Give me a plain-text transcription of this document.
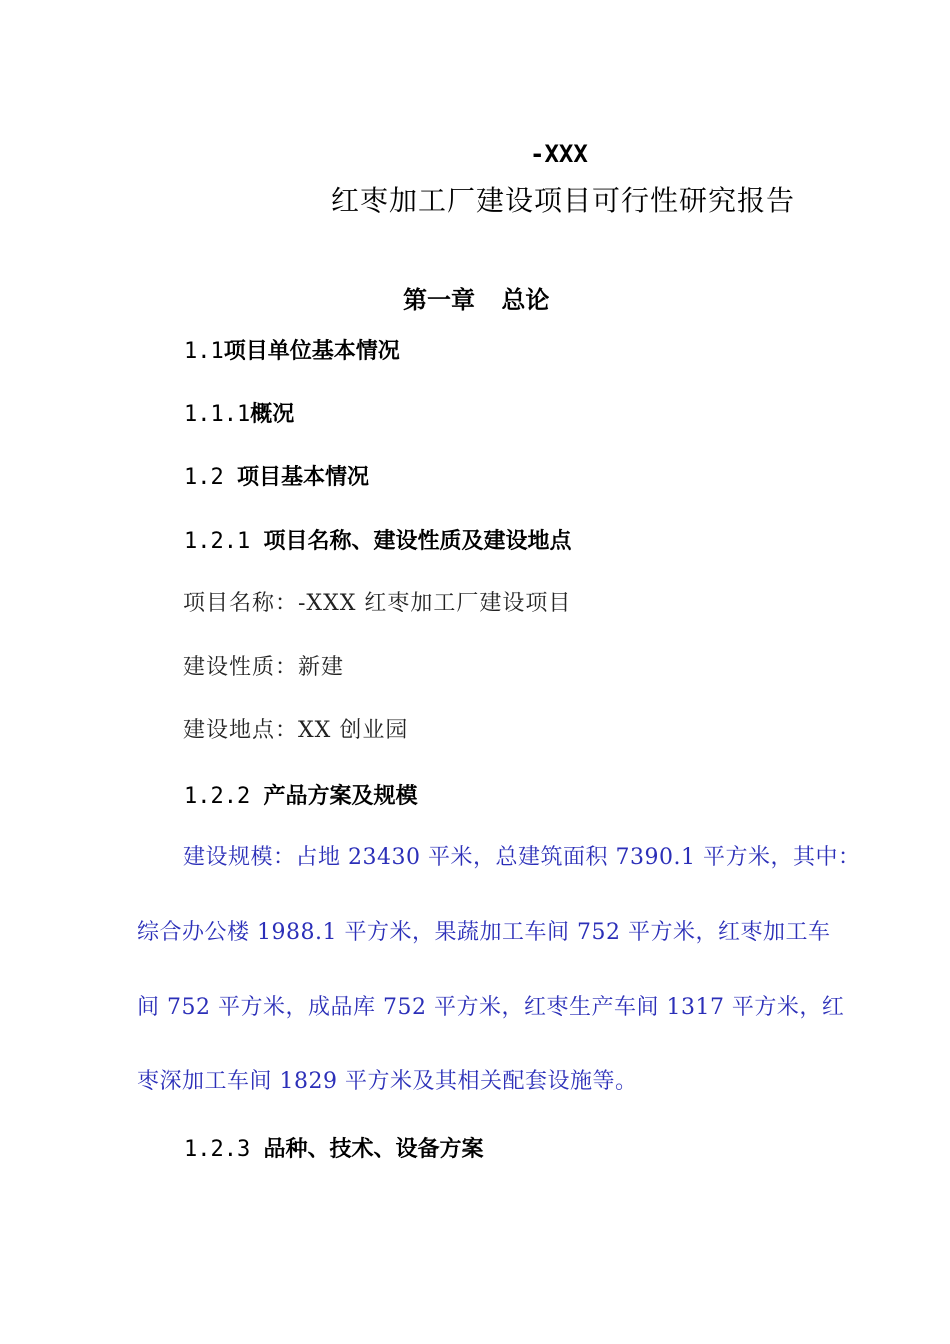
-XXX
红枣加工厂建设项目可行性研究报告
第一章 总论
1.1项目单位基本情况
1.1.1概况
1.2 项目基本情况
1.2.1 项目名称、建设性质及建设地点
项目名称：-XXX 红枣加工厂建设项目
建设性质：新建
建设地点：XX 创业园
1.2.2 产品方案及规模
建设规模：占地 23430 平米，总建筑面积 7390.1 平方米，其中：
综合办公楼 1988.1 平方米，果蔬加工车间 752 平方米，红枣加工车
间 752 平方米，成品库 752 平方米，红枣生产车间 1317 平方米，红
枣深加工车间 1829 平方米及其相关配套设施等。
1.2.3 品种、技术、设备方案
